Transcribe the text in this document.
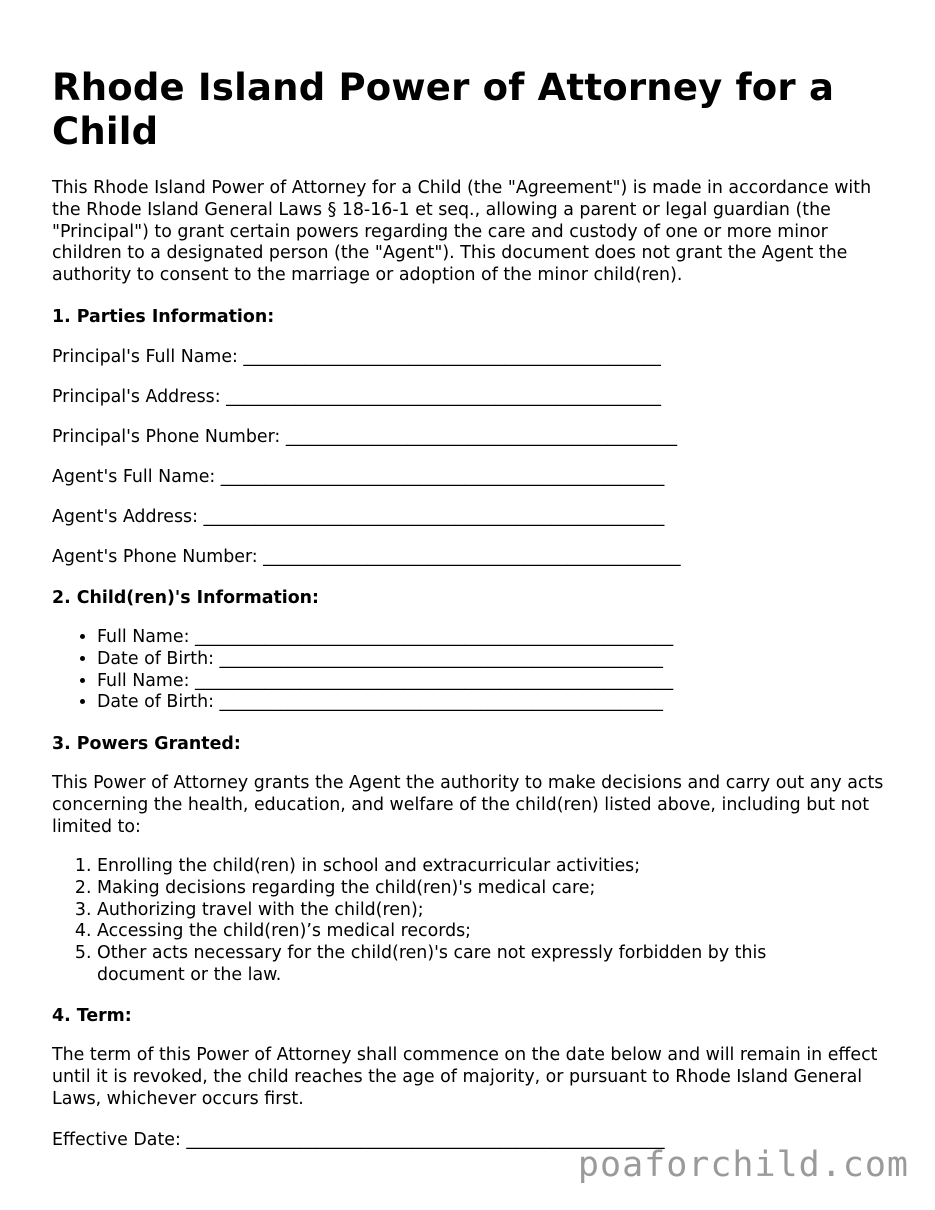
Rhode Island Power of Attorney for a Child

This Rhode Island Power of Attorney for a Child (the "Agreement") is made in accordance with the Rhode Island General Laws § 18-16-1 et seq., allowing a parent or legal guardian (the "Principal") to grant certain powers regarding the care and custody of one or more minor children to a designated person (the "Agent"). This document does not grant the Agent the authority to consent to the marriage or adoption of the minor child(ren).

1. Parties Information:

Principal's Full Name: ________________________________________________

Principal's Address: __________________________________________________

Principal's Phone Number: _____________________________________________

Agent's Full Name: ___________________________________________________

Agent's Address: _____________________________________________________

Agent's Phone Number: ________________________________________________

2. Child(ren)'s Information:

• Full Name: _______________________________________________________
• Date of Birth: ___________________________________________________
• Full Name: _______________________________________________________
• Date of Birth: ___________________________________________________

3. Powers Granted:

This Power of Attorney grants the Agent the authority to make decisions and carry out any acts concerning the health, education, and welfare of the child(ren) listed above, including but not limited to:

1. Enrolling the child(ren) in school and extracurricular activities;
2. Making decisions regarding the child(ren)'s medical care;
3. Authorizing travel with the child(ren);
4. Accessing the child(ren)’s medical records;
5. Other acts necessary for the child(ren)'s care not expressly forbidden by this document or the law.

4. Term:

The term of this Power of Attorney shall commence on the date below and will remain in effect until it is revoked, the child reaches the age of majority, or pursuant to Rhode Island General Laws, whichever occurs first.

Effective Date: _______________________________________________________

poaforchild.com
